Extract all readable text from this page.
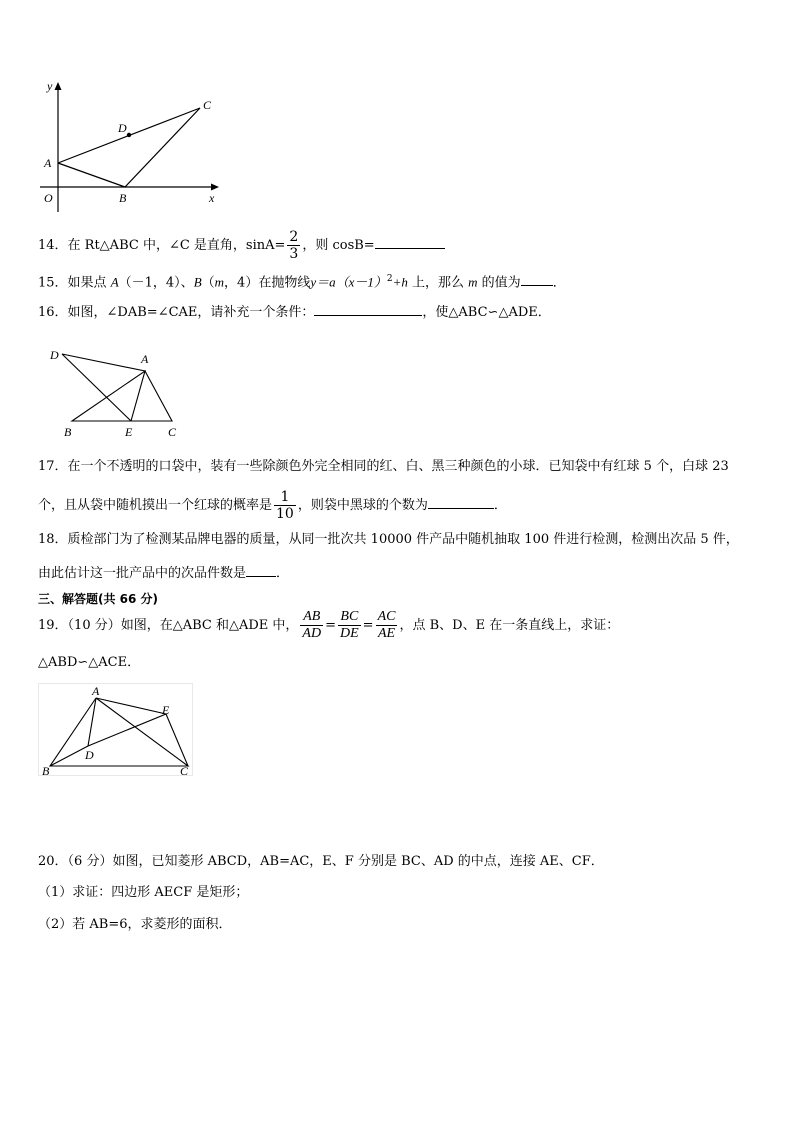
y
C
D
A
O	B	x
14．在 Rt△ABC 中，∠C 是直角，$\sin A= \frac{2}{3}$ ，则 cosB=
15．如果点 A（－1，4）、B（m，4）在抛物线$y=a(x-1)^2+h$ 上，那么 m 的值为 ．
16．如图，∠DAB=∠CAE，请补充一个条件：	，使△ABC∽△ADE．
D	A
B	E	C
17．在一个不透明的口袋中，装有一些除颜色外完全相同的红、白、黑三种颜色的小球．已知袋中有红球 5 个，白球 23
个，且从袋中随机摸出一个红球的概率是 $\frac{1}{10}$ ，则袋中黑球的个数为	．
18．质检部门为了检测某品牌电器的质量，从同一批次共 10000 件产品中随机抽取 100 件进行检测，检测出次品 5 件，
由此估计这一批产品中的次品件数是 ．
三、解答题(共 66 分)
19．（10 分）如图，在△ABC 和△ADE 中， $\frac{AB}{AD} = \frac{BC}{DE} = \frac{AC}{AE}$ ，点 B、D、E 在一条直线上，求证：
△ABD∽△ACE．
A
E
D
B	C
20．（6 分）如图，已知菱形 ABCD，AB=AC，E、F 分别是 BC、AD 的中点，连接 AE、CF．
（1）求证：四边形 AECF 是矩形；
（2）若 AB=6，求菱形的面积．
